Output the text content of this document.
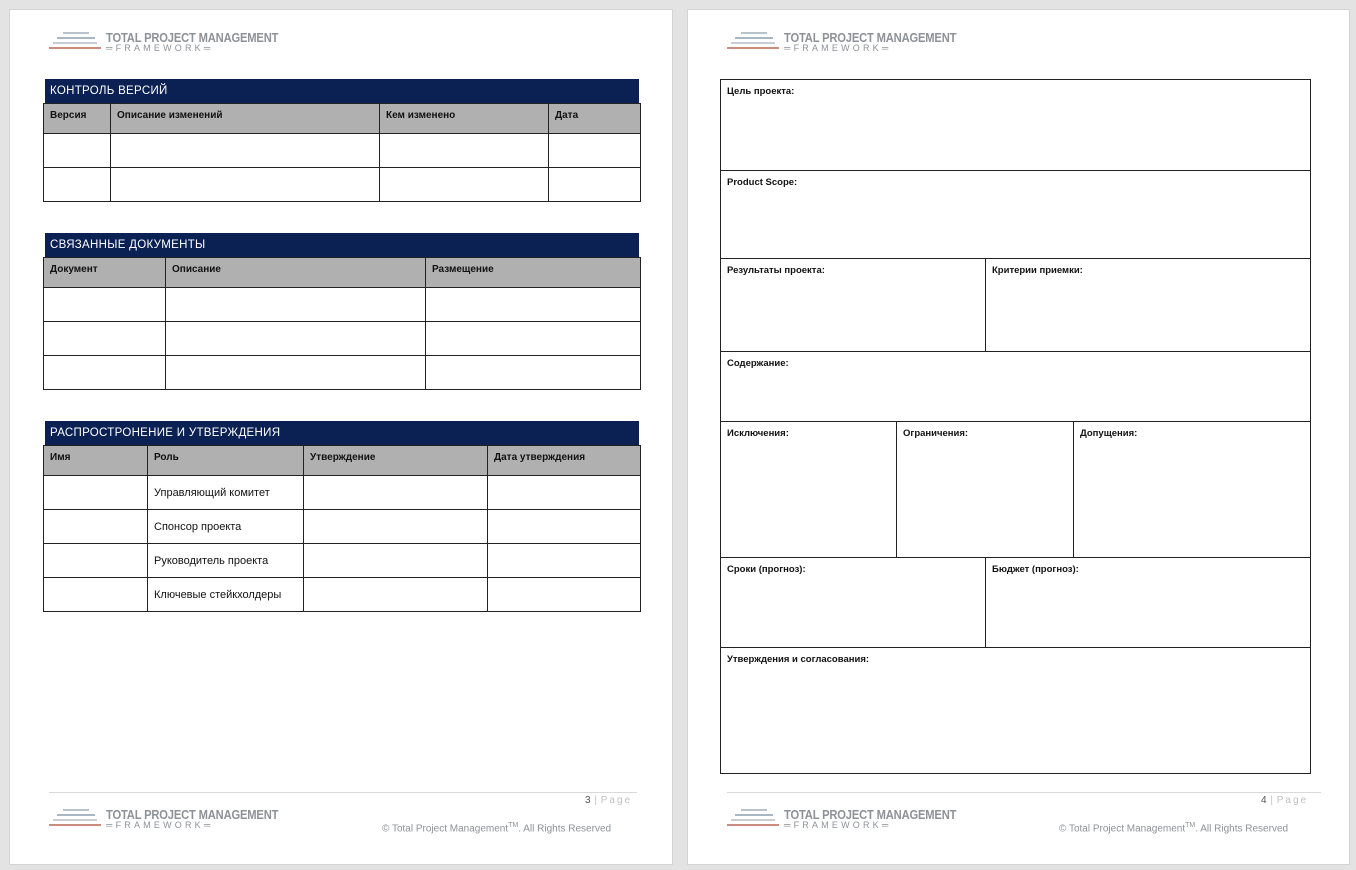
TOTAL PROJECT MANAGEMENT
═FRAMEWORK═
КОНТРОЛЬ ВЕРСИЙ
Версия	Описание изменений	Кем изменено	Дата

СВЯЗАННЫЕ ДОКУМЕНТЫ
Документ	Описание	Размещение

РАСПРОСТРОНЕНИЕ И УТВЕРЖДЕНИЯ
Имя	Роль	Утверждение	Дата утверждения
	Управляющий комитет		
	Спонсор проекта		
	Руководитель проекта		
	Ключевые стейкхолдеры		
3 | Page
TOTAL PROJECT MANAGEMENT
═FRAMEWORK═	© Total Project Management™. All Rights Reserved
TOTAL PROJECT MANAGEMENT
═FRAMEWORK═
Цель проекта:
Product Scope:
Результаты проекта:	Критерии приемки:
Содержание:
Исключения:	Ограничения:	Допущения:
Сроки (прогноз):	Бюджет (прогноз):
Утверждения и согласования:
4 | Page
TOTAL PROJECT MANAGEMENT
═FRAMEWORK═	© Total Project Management™. All Rights Reserved
